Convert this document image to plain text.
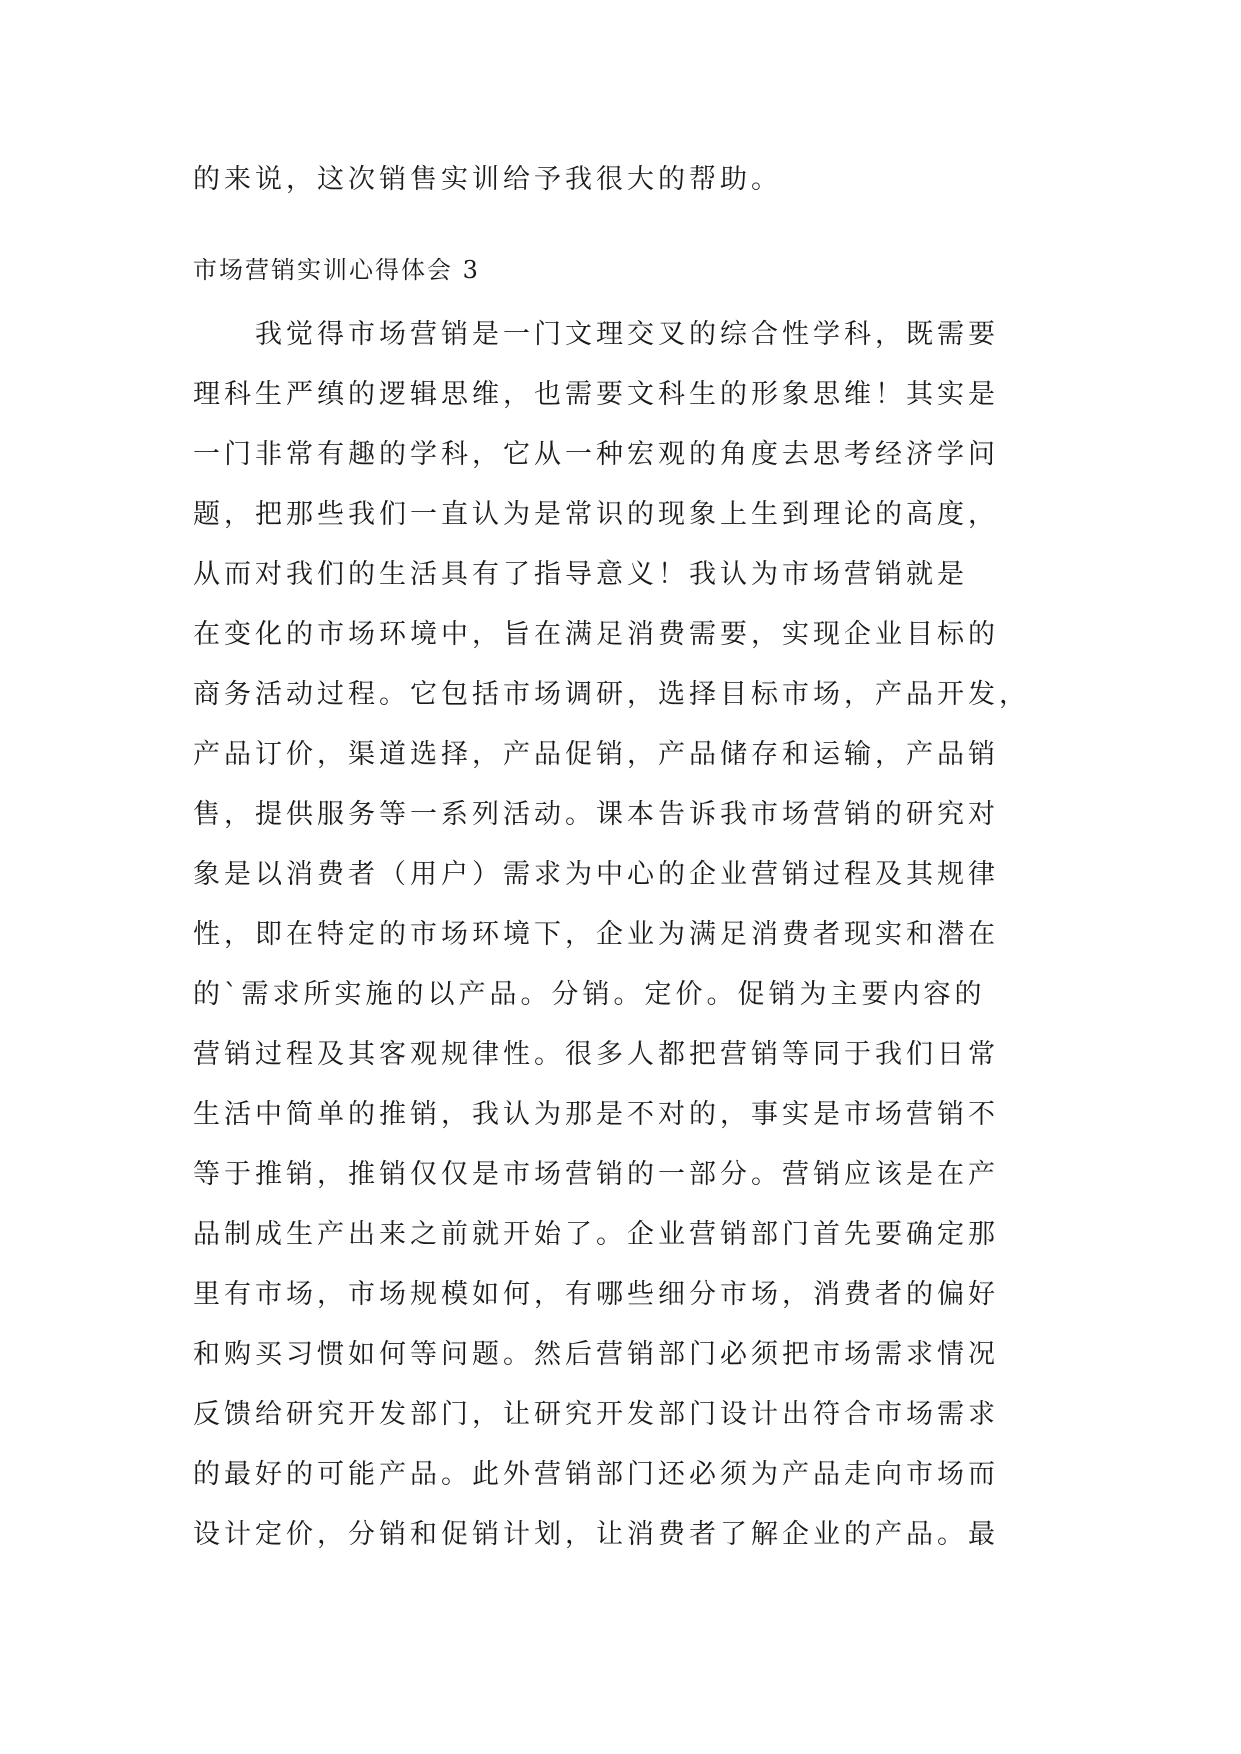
的来说，这次销售实训给予我很大的帮助。
市场营销实训心得体会 3
我觉得市场营销是一门文理交叉的综合性学科，既需要
理科生严缜的逻辑思维，也需要文科生的形象思维！其实是
一门非常有趣的学科，它从一种宏观的角度去思考经济学问
题，把那些我们一直认为是常识的现象上生到理论的高度，
从而对我们的生活具有了指导意义！我认为市场营销就是
在变化的市场环境中，旨在满足消费需要，实现企业目标的
商务活动过程。它包括市场调研，选择目标市场，产品开发，
产品订价，渠道选择，产品促销，产品储存和运输，产品销
售，提供服务等一系列活动。课本告诉我市场营销的研究对
象是以消费者（用户）需求为中心的企业营销过程及其规律
性，即在特定的市场环境下，企业为满足消费者现实和潜在
的`需求所实施的以产品。分销。定价。促销为主要内容的
营销过程及其客观规律性。很多人都把营销等同于我们日常
生活中简单的推销，我认为那是不对的，事实是市场营销不
等于推销，推销仅仅是市场营销的一部分。营销应该是在产
品制成生产出来之前就开始了。企业营销部门首先要确定那
里有市场，市场规模如何，有哪些细分市场，消费者的偏好
和购买习惯如何等问题。然后营销部门必须把市场需求情况
反馈给研究开发部门，让研究开发部门设计出符合市场需求
的最好的可能产品。此外营销部门还必须为产品走向市场而
设计定价，分销和促销计划，让消费者了解企业的产品。最
